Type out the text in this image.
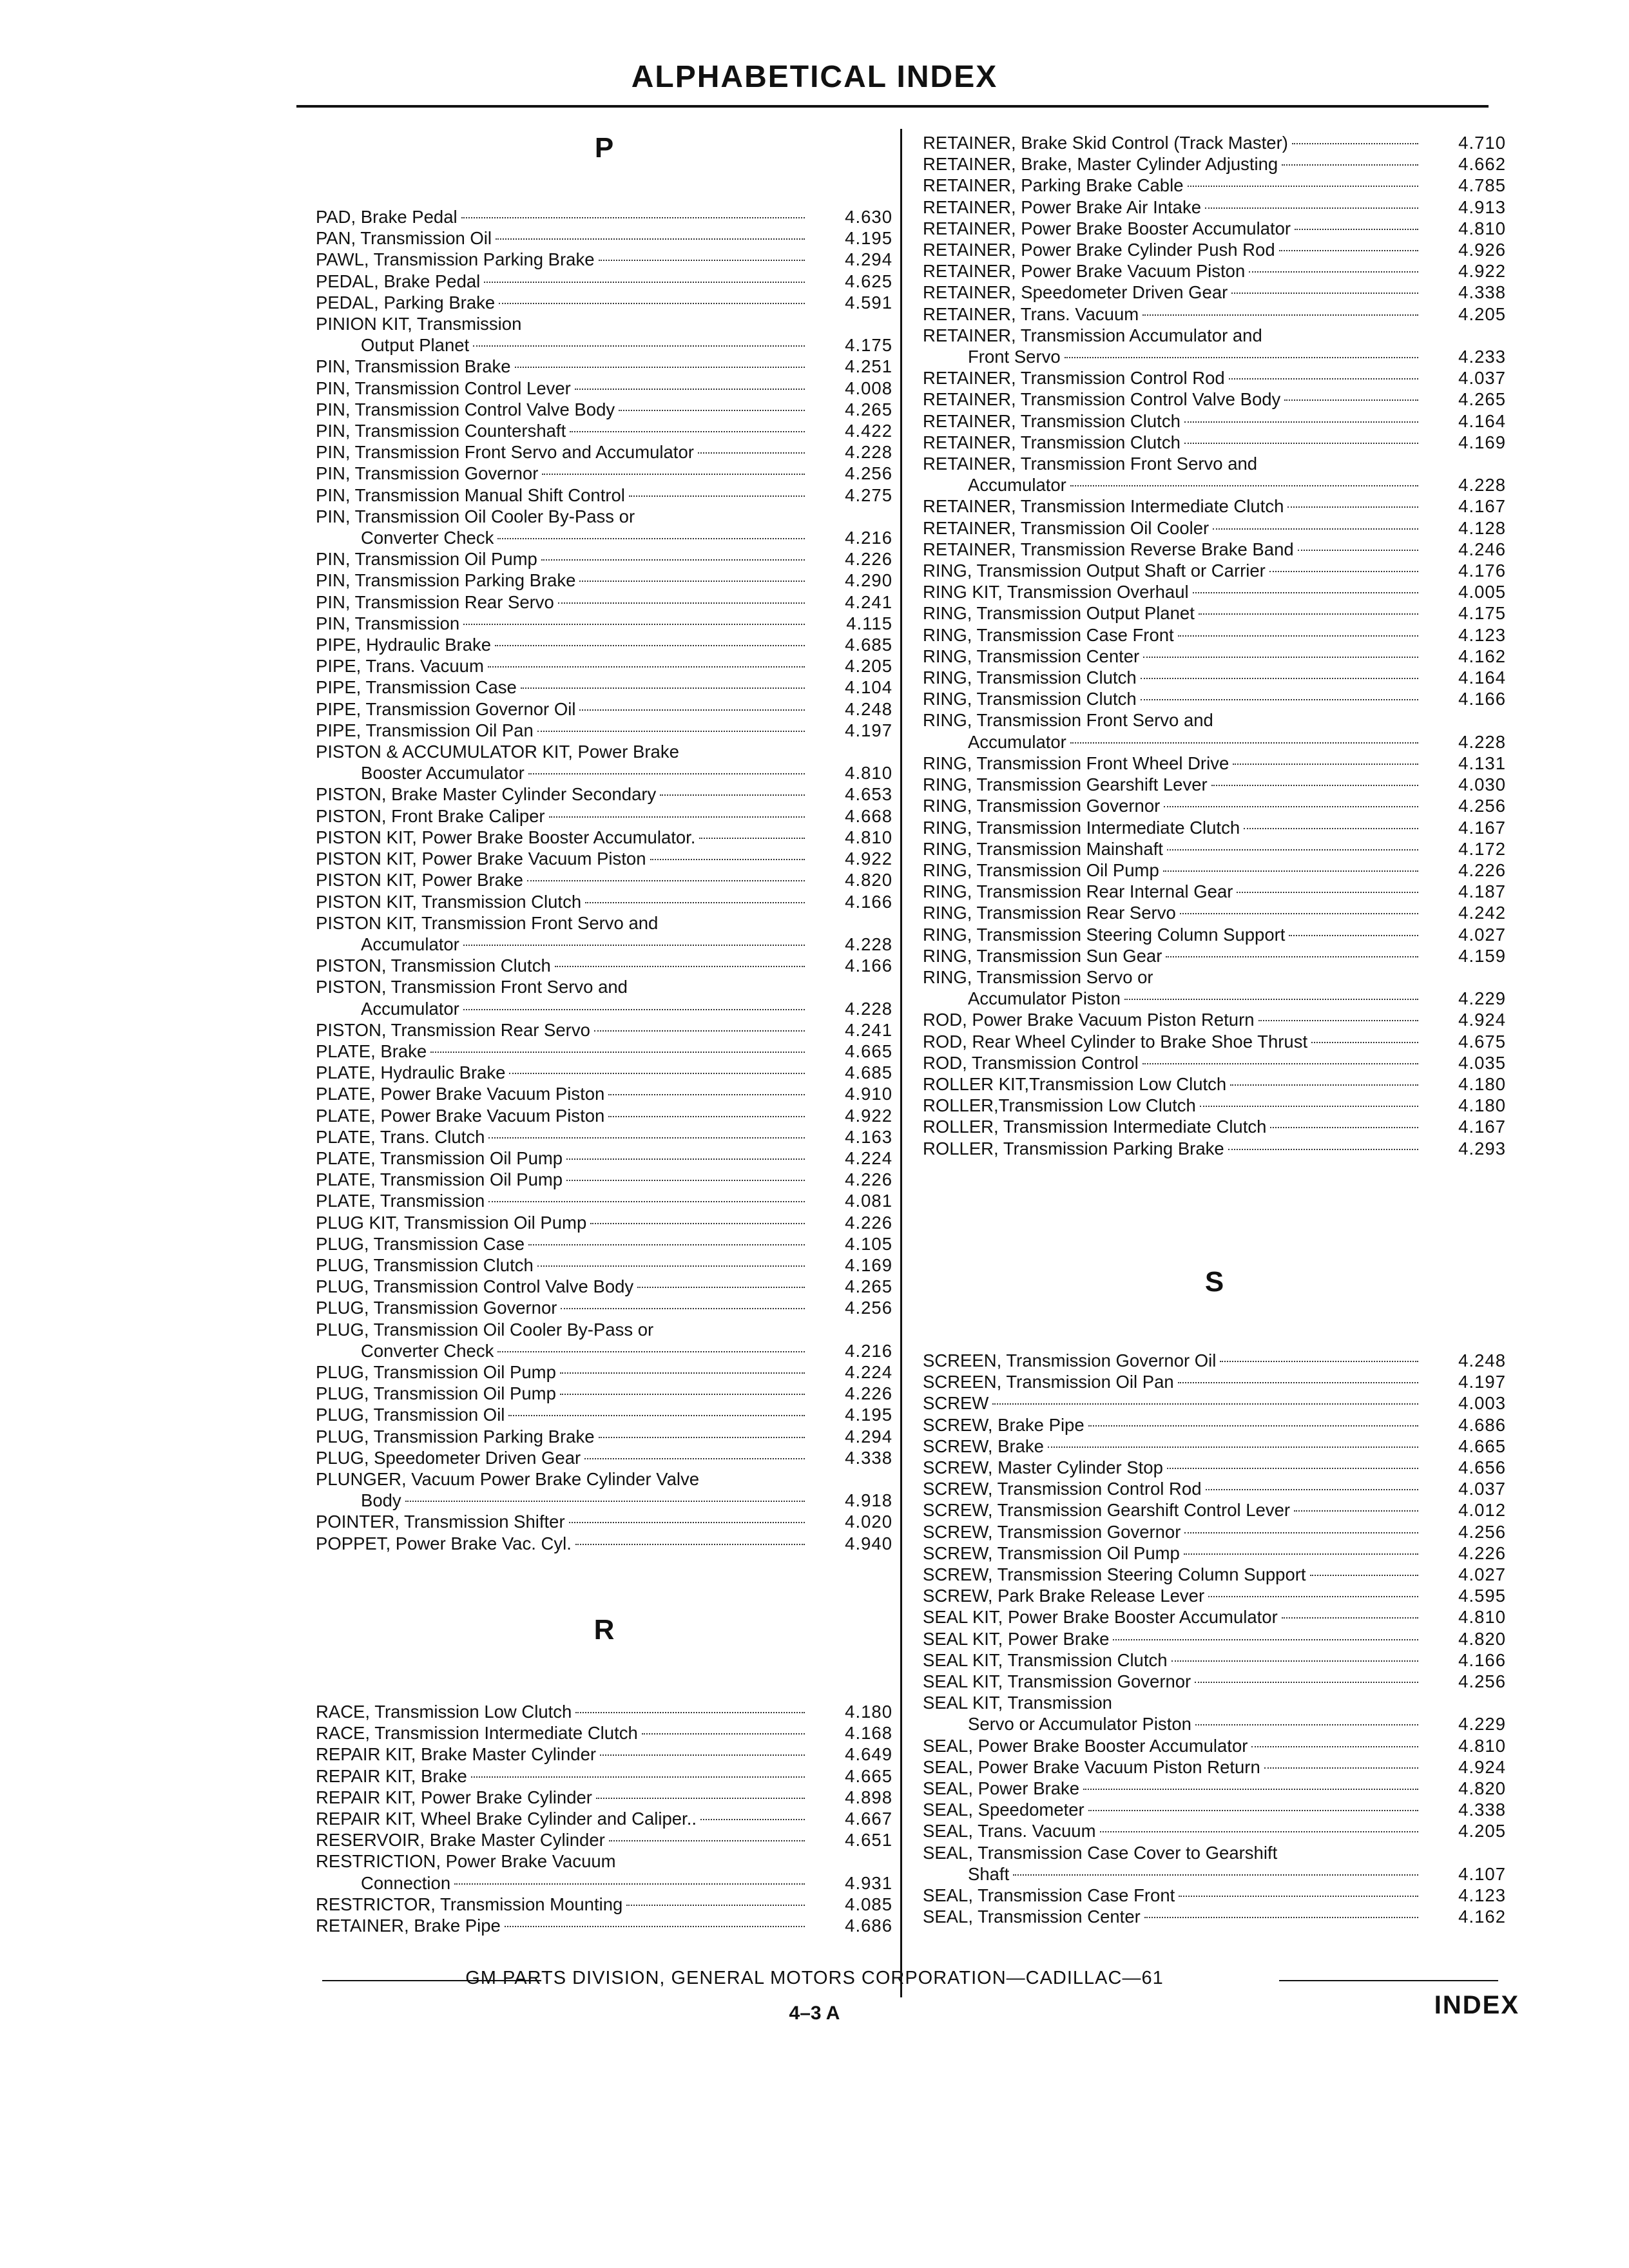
ALPHABETICAL INDEX
P
PAD, Brake Pedal	4.630
PAN, Transmission Oil	4.195
PAWL, Transmission Parking Brake	4.294
PEDAL, Brake Pedal	4.625
PEDAL, Parking Brake	4.591
PINION KIT, Transmission
Output Planet	4.175
PIN, Transmission Brake	4.251
PIN, Transmission Control Lever	4.008
PIN, Transmission Control Valve Body	4.265
PIN, Transmission Countershaft	4.422
PIN, Transmission Front Servo and Accumulator	4.228
PIN, Transmission Governor	4.256
PIN, Transmission Manual Shift Control	4.275
PIN, Transmission Oil Cooler By-Pass or
Converter Check	4.216
PIN, Transmission Oil Pump	4.226
PIN, Transmission Parking Brake	4.290
PIN, Transmission Rear Servo	4.241
PIN, Transmission	4.115
PIPE, Hydraulic Brake	4.685
PIPE, Trans. Vacuum	4.205
PIPE, Transmission Case	4.104
PIPE, Transmission Governor Oil	4.248
PIPE, Transmission Oil Pan	4.197
PISTON & ACCUMULATOR KIT, Power Brake
Booster Accumulator	4.810
PISTON, Brake Master Cylinder Secondary	4.653
PISTON, Front Brake Caliper	4.668
PISTON KIT, Power Brake Booster Accumulator.	4.810
PISTON KIT, Power Brake Vacuum Piston	4.922
PISTON KIT, Power Brake	4.820
PISTON KIT, Transmission Clutch	4.166
PISTON KIT, Transmission Front Servo and
Accumulator	4.228
PISTON, Transmission Clutch	4.166
PISTON, Transmission Front Servo and
Accumulator	4.228
PISTON, Transmission Rear Servo	4.241
PLATE, Brake	4.665
PLATE, Hydraulic Brake	4.685
PLATE, Power Brake Vacuum Piston	4.910
PLATE, Power Brake Vacuum Piston	4.922
PLATE, Trans. Clutch	4.163
PLATE, Transmission Oil Pump	4.224
PLATE, Transmission Oil Pump	4.226
PLATE, Transmission	4.081
PLUG KIT, Transmission Oil Pump	4.226
PLUG, Transmission Case	4.105
PLUG, Transmission Clutch	4.169
PLUG, Transmission Control Valve Body	4.265
PLUG, Transmission Governor	4.256
PLUG, Transmission Oil Cooler By-Pass or
Converter Check	4.216
PLUG, Transmission Oil Pump	4.224
PLUG, Transmission Oil Pump	4.226
PLUG, Transmission Oil	4.195
PLUG, Transmission Parking Brake	4.294
PLUG, Speedometer Driven Gear	4.338
PLUNGER, Vacuum Power Brake Cylinder Valve
Body	4.918
POINTER, Transmission Shifter	4.020
POPPET, Power Brake Vac. Cyl.	4.940
R
RACE, Transmission Low Clutch	4.180
RACE, Transmission Intermediate Clutch	4.168
REPAIR KIT, Brake Master Cylinder	4.649
REPAIR KIT, Brake	4.665
REPAIR KIT, Power Brake Cylinder	4.898
REPAIR KIT, Wheel Brake Cylinder and Caliper..	4.667
RESERVOIR, Brake Master Cylinder	4.651
RESTRICTION, Power Brake Vacuum
Connection	4.931
RESTRICTOR, Transmission Mounting	4.085
RETAINER, Brake Pipe	4.686
RETAINER, Brake Skid Control (Track Master)	4.710
RETAINER, Brake, Master Cylinder Adjusting	4.662
RETAINER, Parking Brake Cable	4.785
RETAINER, Power Brake Air Intake	4.913
RETAINER, Power Brake Booster Accumulator	4.810
RETAINER, Power Brake Cylinder Push Rod	4.926
RETAINER, Power Brake Vacuum Piston	4.922
RETAINER, Speedometer Driven Gear	4.338
RETAINER, Trans. Vacuum	4.205
RETAINER, Transmission Accumulator and
Front Servo	4.233
RETAINER, Transmission Control Rod	4.037
RETAINER, Transmission Control Valve Body	4.265
RETAINER, Transmission Clutch	4.164
RETAINER, Transmission Clutch	4.169
RETAINER, Transmission Front Servo and
Accumulator	4.228
RETAINER, Transmission Intermediate Clutch	4.167
RETAINER, Transmission Oil Cooler	4.128
RETAINER, Transmission Reverse Brake Band	4.246
RING, Transmission Output Shaft or Carrier	4.176
RING KIT, Transmission Overhaul	4.005
RING, Transmission Output Planet	4.175
RING, Transmission Case Front	4.123
RING, Transmission Center	4.162
RING, Transmission Clutch	4.164
RING, Transmission Clutch	4.166
RING, Transmission Front Servo and
Accumulator	4.228
RING, Transmission Front Wheel Drive	4.131
RING, Transmission Gearshift Lever	4.030
RING, Transmission Governor	4.256
RING, Transmission Intermediate Clutch	4.167
RING, Transmission Mainshaft	4.172
RING, Transmission Oil Pump	4.226
RING, Transmission Rear Internal Gear	4.187
RING, Transmission Rear Servo	4.242
RING, Transmission Steering Column Support	4.027
RING, Transmission Sun Gear	4.159
RING, Transmission Servo or
Accumulator Piston	4.229
ROD, Power Brake Vacuum Piston Return	4.924
ROD, Rear Wheel Cylinder to Brake Shoe Thrust	4.675
ROD, Transmission Control	4.035
ROLLER KIT,Transmission Low Clutch	4.180
ROLLER,Transmission Low Clutch	4.180
ROLLER, Transmission Intermediate Clutch	4.167
ROLLER, Transmission Parking Brake	4.293
S
SCREEN, Transmission Governor Oil	4.248
SCREEN, Transmission Oil Pan	4.197
SCREW	4.003
SCREW, Brake Pipe	4.686
SCREW, Brake	4.665
SCREW, Master Cylinder Stop	4.656
SCREW, Transmission Control Rod	4.037
SCREW, Transmission Gearshift Control Lever	4.012
SCREW, Transmission Governor	4.256
SCREW, Transmission Oil Pump	4.226
SCREW, Transmission Steering Column Support	4.027
SCREW, Park Brake Release Lever	4.595
SEAL KIT, Power Brake Booster Accumulator	4.810
SEAL KIT, Power Brake	4.820
SEAL KIT, Transmission Clutch	4.166
SEAL KIT, Transmission Governor	4.256
SEAL KIT, Transmission
Servo or Accumulator Piston	4.229
SEAL, Power Brake Booster Accumulator	4.810
SEAL, Power Brake Vacuum Piston Return	4.924
SEAL, Power Brake	4.820
SEAL, Speedometer	4.338
SEAL, Trans. Vacuum	4.205
SEAL, Transmission Case Cover to Gearshift
Shaft	4.107
SEAL, Transmission Case Front	4.123
SEAL, Transmission Center	4.162
GM PARTS DIVISION, GENERAL MOTORS CORPORATION—CADILLAC—61
4–3 A	INDEX
